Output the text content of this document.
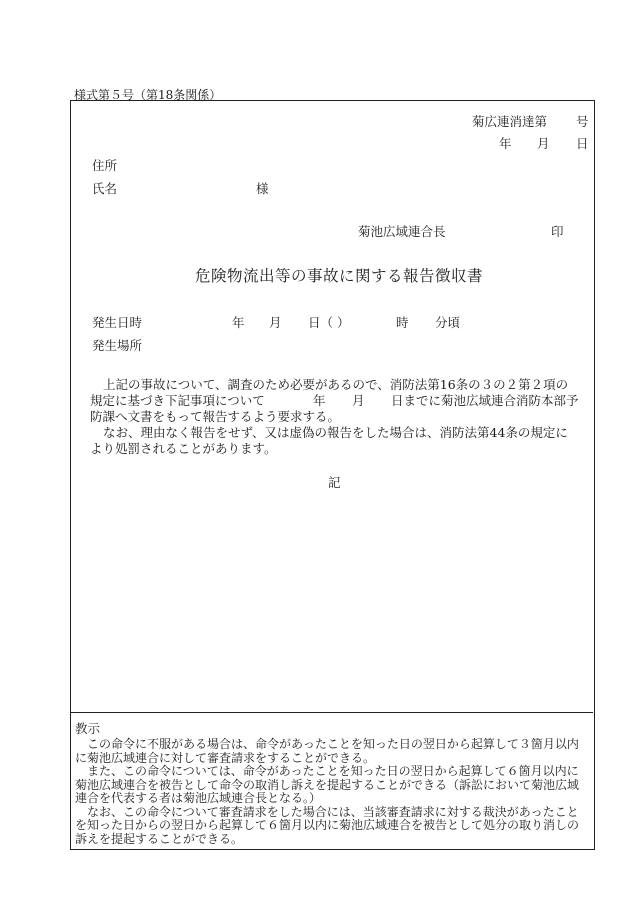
様式第５号（第18条関係）
菊広連消達第 号
年 月 日
住所
氏名	様
菊池広域連合長	印
危険物流出等の事故に関する報告徴収書
発生日時	年 月 日（ ）	時 分頃
発生場所
上記の事故について、調査のため必要があるので、消防法第16条の３の２第２項の
規定に基づき下記事項について	年 月 日までに菊池広域連合消防本部予
防課へ文書をもって報告するよう要求する。
なお、理由なく報告をせず、又は虚偽の報告をした場合は、消防法第44条の規定に
より処罰されることがあります。
記
教示

この命令に不服がある場合は、命令があったことを知った日の翌日から起算して３箇月以内に菊池広域連合に対して審査請求をすることができる。

また、この命令については、命令があったことを知った日の翌日から起算して６箇月以内に菊池広域連合を被告として命令の取消し訴えを提起することができる（訴訟において菊池広域連合を代表する者は菊池広域連合長となる。）

なお、この命令について審査請求をした場合には、当該審査請求に対する裁決があったことを知った日からの翌日から起算して６箇月以内に菊池広域連合を被告として処分の取り消しの訴えを提起することができる。
